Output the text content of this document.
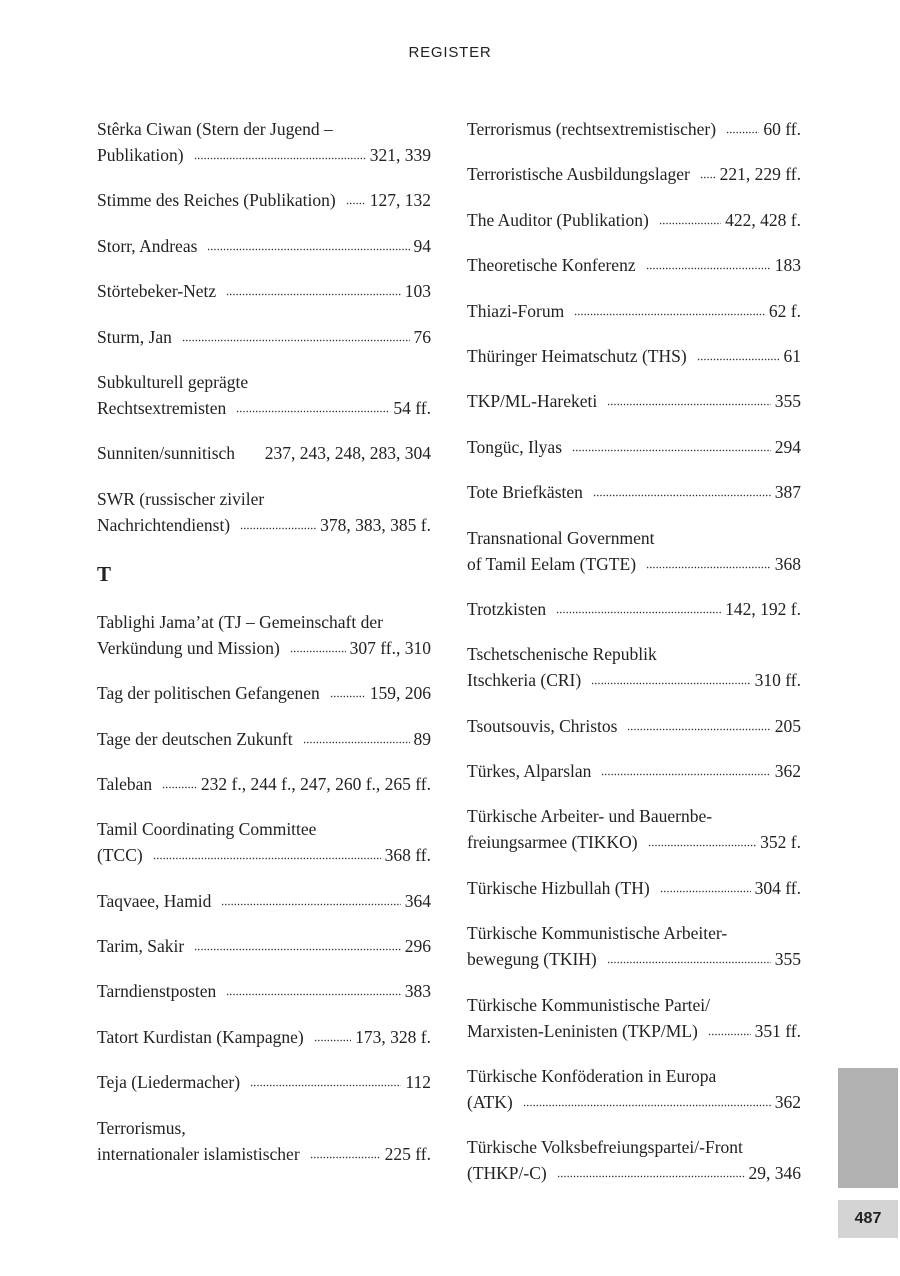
REGISTER
Stêrka Ciwan (Stern der Jugend –
Publikation)	321, 339
Stimme des Reiches (Publikation) 127, 132
Storr, Andreas	94
Störtebeker-Netz	103
Sturm, Jan	76
Subkulturell geprägte
Rechtsextremisten	54 ff.
Sunniten/sunnitisch 237, 243, 248, 283, 304
SWR (russischer ziviler
Nachrichtendienst)	378, 383, 385 f.
T
Tablighi Jama’at (TJ – Gemeinschaft der
Verkündung und Mission)	307 ff., 310
Tag der politischen Gefangenen	159, 206
Tage der deutschen Zukunft	89
Taleban	232 f., 244 f., 247, 260 f., 265 ff.
Tamil Coordinating Committee
(TCC)	368 ff.
Taqvaee, Hamid	364
Tarim, Sakir	296
Tarndienstposten	383
Tatort Kurdistan (Kampagne)	173, 328 f.
Teja (Liedermacher)	112
Terrorismus,
internationaler islamistischer	225 ff.
Terrorismus (rechtsextremistischer)	60 ff.
Terroristische Ausbildungslager 221, 229 ff.
The Auditor (Publikation)	422, 428 f.
Theoretische Konferenz	183
Thiazi-Forum	62 f.
Thüringer Heimatschutz (THS)	61
TKP/ML-Hareketi	355
Tongüc, Ilyas	294
Tote Briefkästen	387
Transnational Government
of Tamil Eelam (TGTE)	368
Trotzkisten	142, 192 f.
Tschetschenische Republik
Itschkeria (CRI)	310 ff.
Tsoutsouvis, Christos	205
Türkes, Alparslan	362
Türkische Arbeiter- und Bauernbe-
freiungsarmee (TIKKO)	352 f.
Türkische Hizbullah (TH)	304 ff.
Türkische Kommunistische Arbeiter-
bewegung (TKIH)	355
Türkische Kommunistische Partei/
Marxisten-Leninisten (TKP/ML)	351 ff.
Türkische Konföderation in Europa
(ATK)	362
Türkische Volksbefreiungspartei/-Front
(THKP/-C)	29, 346
487
